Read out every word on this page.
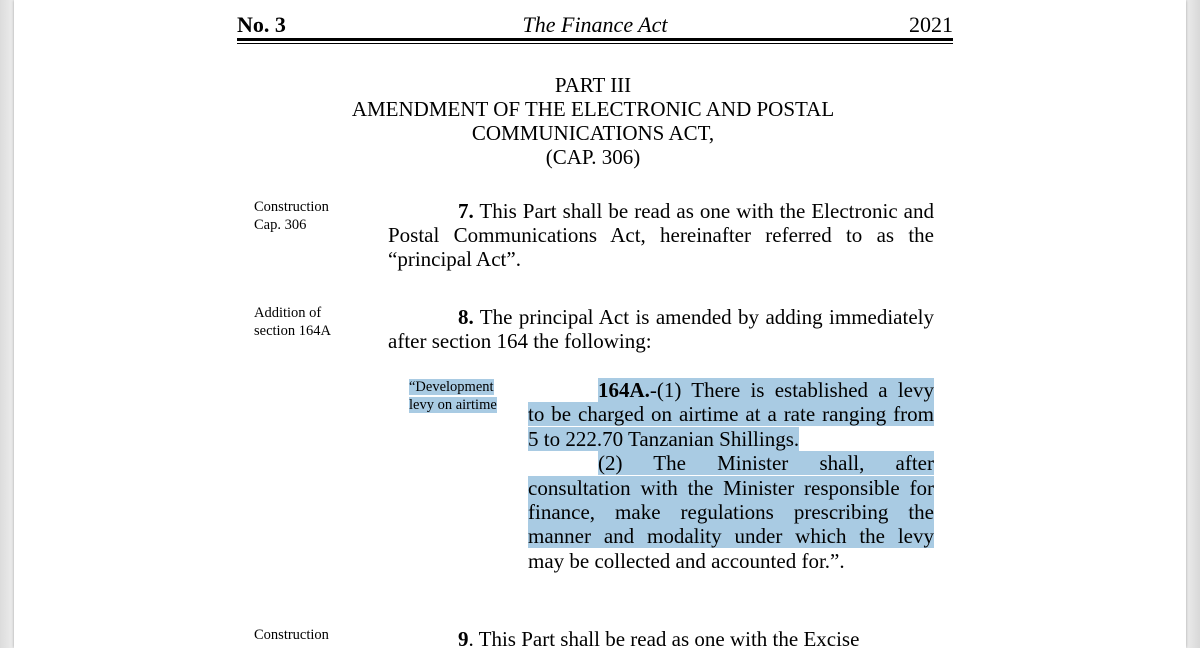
No. 3	The Finance Act	2021
PART III
AMENDMENT OF THE ELECTRONIC AND POSTAL
COMMUNICATIONS ACT,
(CAP. 306)
Construction
Cap. 306
7. This Part shall be read as one with the Electronic and Postal Communications Act, hereinafter referred to as the “principal Act”.
Addition of
section 164A
8. The principal Act is amended by adding immediately after section 164 the following:
“Development
levy on airtime
164A.-(1) There is established a levy
to be charged on airtime at a rate ranging from
5 to 222.70 Tanzanian Shillings.
(2) The Minister shall, after
consultation with the Minister responsible for
finance, make regulations prescribing the
manner and modality under which the levy
may be collected and accounted for.”.
Construction	9. This Part shall be read as one with the Excise
